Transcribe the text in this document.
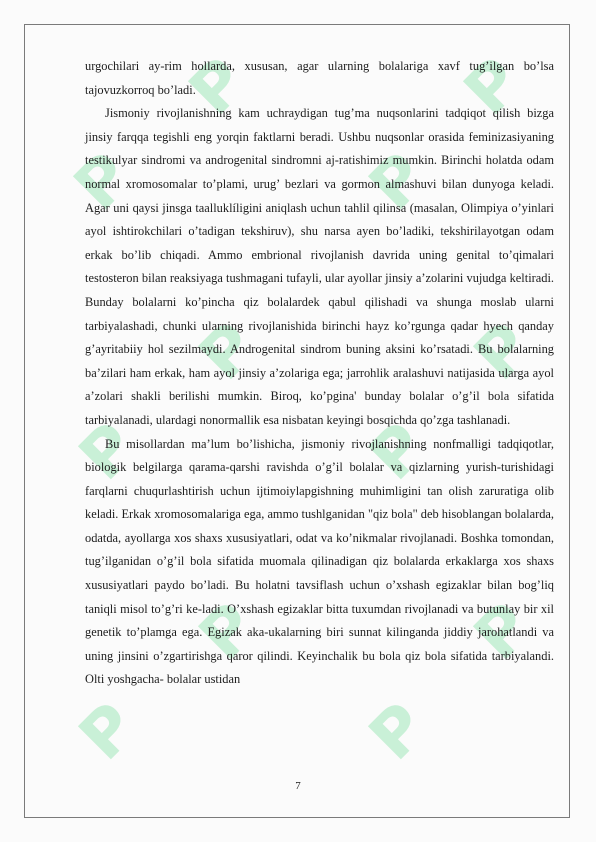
P	P
P	P
P	P
P	P
P	P
P	P

urgochilari ay-rim hollarda, xususan, agar ularning bolalariga xavf tug’ilgan bo’lsa tajovuzkorroq bo’ladi.

Jismoniy rivojlanishning kam uchraydigan tug’ma nuqsonlarini tadqiqot qilish bizga jinsiy farqqa tegishli eng yorqin faktlarni beradi. Ushbu nuqsonlar orasida feminizasiyaning testikulyar sindromi va androgenital sindromni aj-ratishimiz mumkin. Birinchi holatda odam normal xromosomalar to’plami, urug’ bezlari va gormon almashuvi bilan dunyoga keladi. Agar uni qaysi jinsga taalluklíligini aniqlash uchun tahlil qilinsa (masalan, Olimpiya o’yinlari ayol ishtirokchilari o’tadigan tekshiruv), shu narsa ayen bo’ladiki, tekshirilayotgan odam erkak bo’lib chiqadi. Ammo embrional rivojlanish davrida uning genital to’qimalari testosteron bilan reaksiyaga tushmagani tufayli, ular ayollar jinsiy a’zolarini vujudga keltiradi. Bunday bolalarni ko’pincha qiz bolalardek qabul qilishadi va shunga moslab ularni tarbiyalashadi, chunki ularning rivojlanishida birinchi hayz ko’rgunga qadar hyech qanday g’ayritabiiy hol sezilmaydi. Androgenital sindrom buning aksini ko’rsatadi. Bu bolalarning ba’zilari ham erkak, ham ayol jinsiy a’zolariga ega; jarrohlik aralashuvi natijasida ularga ayol a’zolari shakli berilishi mumkin. Biroq, ko’pgina' bunday bolalar o’g’il bola sifatida tarbiyalanadi, ulardagi nonormallik esa nisbatan keyingi bosqichda qo’zga tashlanadi.

Bu misollardan ma’lum bo’lishicha, jismoniy rivojlanishning nonfmalligi tadqiqotlar, biologik belgilarga qarama-qarshi ravishda o’g’il bolalar va qizlarning yurish-turishidagi farqlarni chuqurlashtirish uchun ijtimoiylapgishning muhimligini tan olish zaruratiga olib keladi. Erkak xromosomalariga ega, ammo tushlganidan "qiz bola" deb hisoblangan bolalarda, odatda, ayollarga xos shaxs xususiyatlari, odat va ko’nikmalar rivojlanadi. Boshka tomondan, tug’ilganidan o’g’il bola sifatida muomala qilinadigan qiz bolalarda erkaklarga xos shaxs xususiyatlari paydo bo’ladi. Bu holatni tavsiflash uchun o’xshash egizaklar bilan bog’liq taniqli misol to’g’ri ke-ladi. O’xshash egizaklar bitta tuxumdan rivojlanadi va butunlay bir xil genetik to’plamga ega. Egizak aka-ukalarning biri sunnat kilinganda jiddiy jarohatlandi va uning jinsini o’zgartirishga qaror qilindi. Keyinchalik bu bola qiz bola sifatida tarbiyalandi. Olti yoshgacha- bolalar ustidan

7
